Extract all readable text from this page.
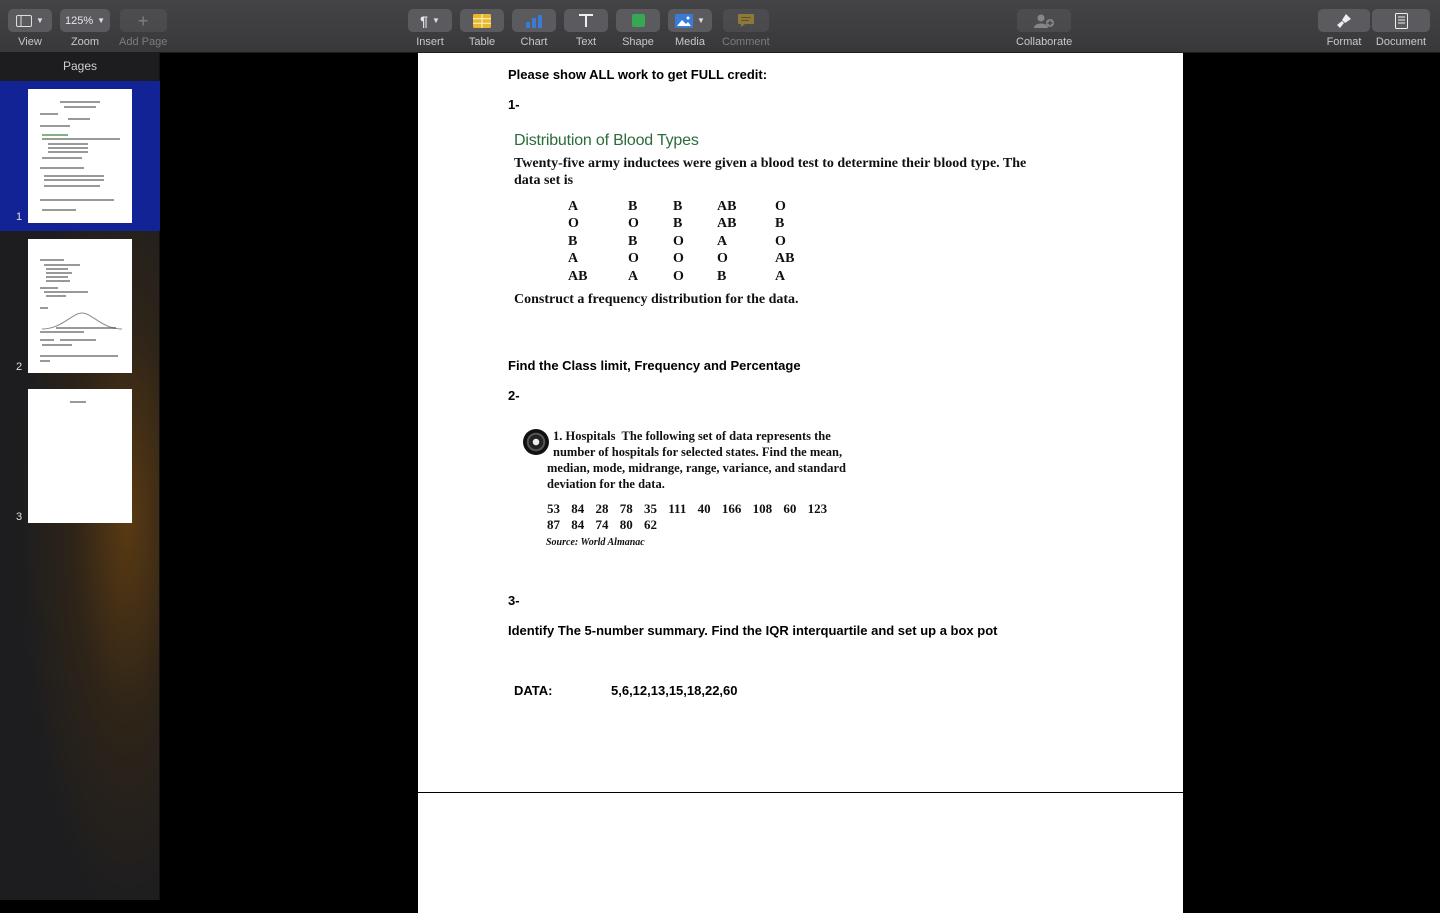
▼
View
125% ▼
Zoom
+
Add Page
¶ ▼
Insert Table Chart	Text Shape
▼
Media Comment	Collaborate	Format Document
Pages
1
2
3
Please show ALL work to get FULL credit:
1-
Distribution of Blood Types
Twenty-five army inductees were given a blood test to determine their blood type. The
data set is
A	B	B	AB	O
O	O	B	AB	B
B	B	O	A	O
A	O	O	O	AB
AB	A	O	B	A
Construct a frequency distribution for the data.
Find the Class limit, Frequency and Percentage
2-
1. Hospitals The following set of data represents the
number of hospitals for selected states. Find the mean,
median, mode, midrange, range, variance, and standard
deviation for the data.
53 84 28 78 35 111 40 166 108 60 123
87 84 74 80 62
Source: World Almanac
3-
Identify The 5-number summary. Find the IQR interquartile and set up a box pot
DATA:	5,6,12,13,15,18,22,60
